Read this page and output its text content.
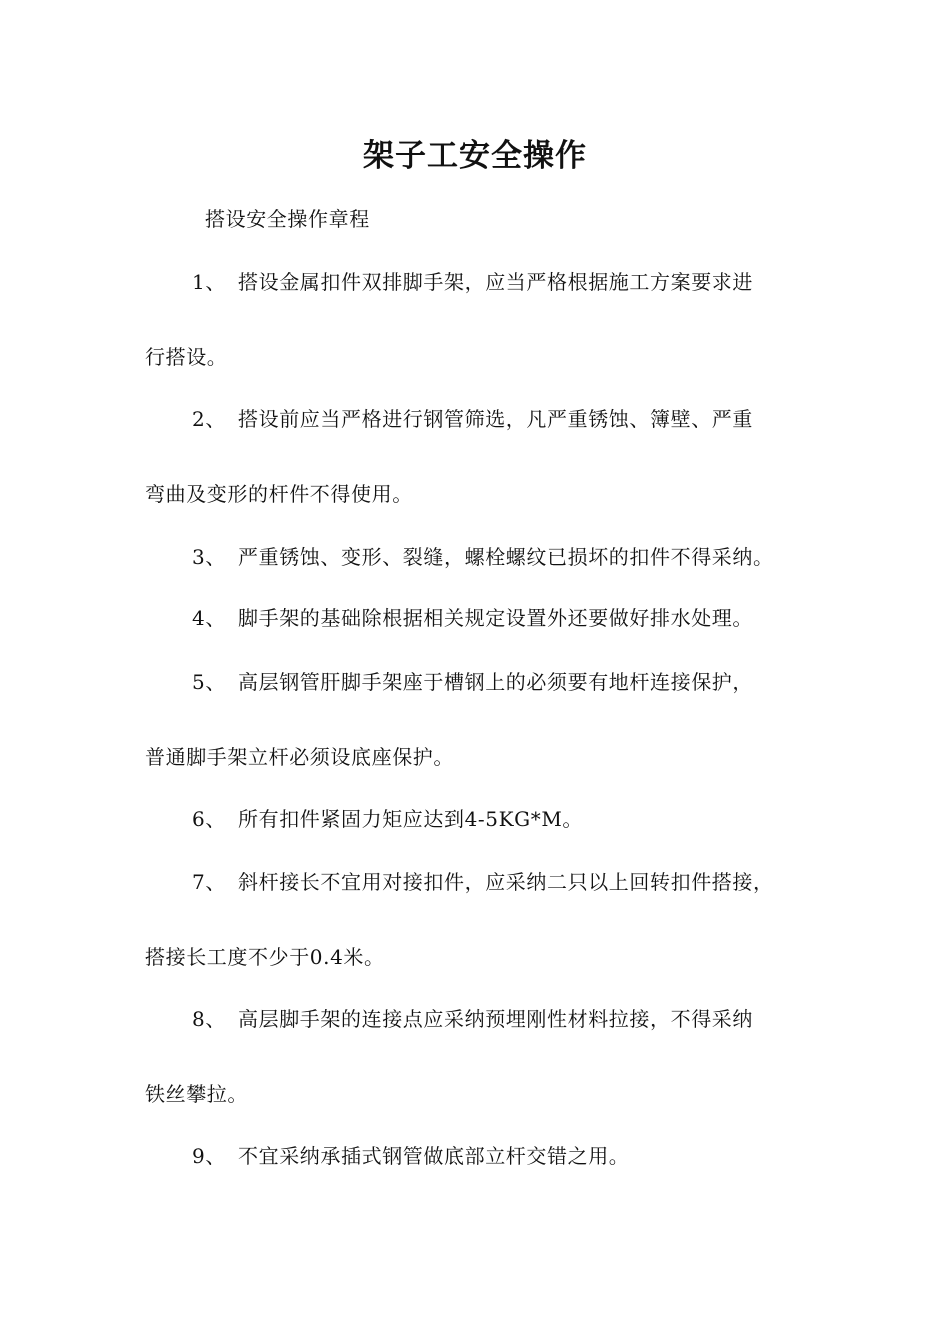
架子工安全操作
搭设安全操作章程
1、 搭设金属扣件双排脚手架，应当严格根据施工方案要求进
行搭设。
2、 搭设前应当严格进行钢管筛选，凡严重锈蚀、簿壁、严重
弯曲及变形的杆件不得使用。
3、 严重锈蚀、变形、裂缝，螺栓螺纹已损坏的扣件不得采纳。
4、 脚手架的基础除根据相关规定设置外还要做好排水处理。
5、 高层钢管肝脚手架座于槽钢上的必须要有地杆连接保护，
普通脚手架立杆必须设底座保护。
6、 所有扣件紧固力矩应达到4-5KG*M。
7、 斜杆接长不宜用对接扣件，应采纳二只以上回转扣件搭接，
搭接长工度不少于0.4米。
8、 高层脚手架的连接点应采纳预埋刚性材料拉接，不得采纳
铁丝攀拉。
9、 不宜采纳承插式钢管做底部立杆交错之用。
